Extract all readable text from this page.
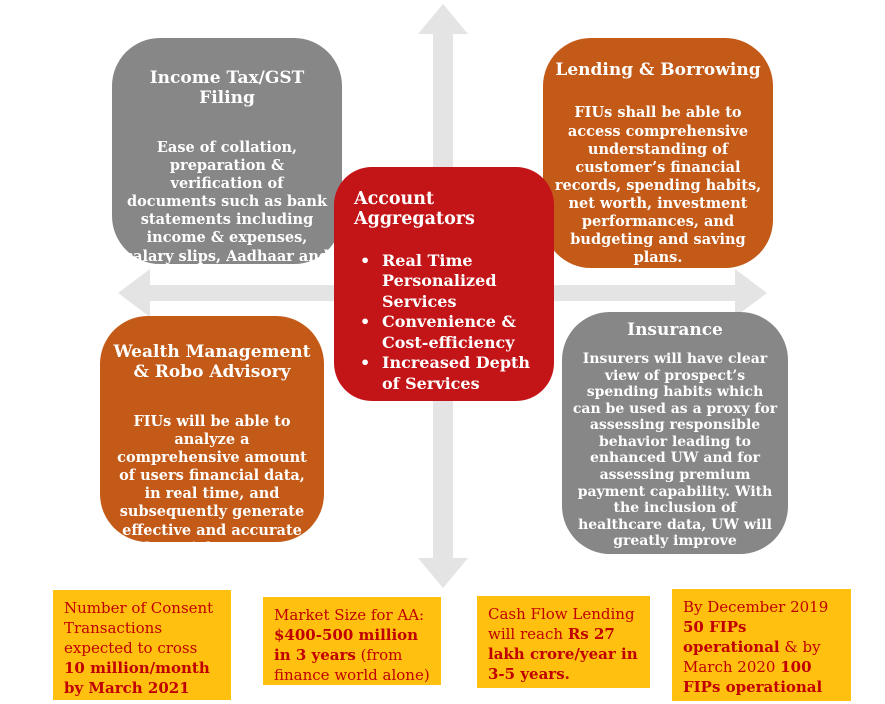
Income Tax/GST Filing
Ease of collation, preparation & verification of documents such as bank statements including income & expenses, salary slips, Aadhaar and PAN
Lending & Borrowing
FIUs shall be able to access comprehensive understanding of customer’s financial records, spending habits, net worth, investment performances, and budgeting and saving plans.
Wealth Management & Robo Advisory
FIUs will be able to analyze a comprehensive amount of users financial data, in real time, and subsequently generate effective and accurate financial strategy
Insurance
Insurers will have clear view of prospect’s spending habits which can be used as a proxy for assessing responsible behavior leading to enhanced UW and for assessing premium payment capability. With the inclusion of healthcare data, UW will greatly improve
Account Aggregators
• Real Time Personalized Services
• Convenience & Cost-efficiency
• Increased Depth of Services
Number of Consent Transactions expected to cross 10 million/month by March 2021
Market Size for AA: $400-500 million in 3 years (from finance world alone)
Cash Flow Lending will reach Rs 27 lakh crore/year in 3-5 years.
By December 2019 50 FIPs operational & by March 2020 100 FIPs operational
